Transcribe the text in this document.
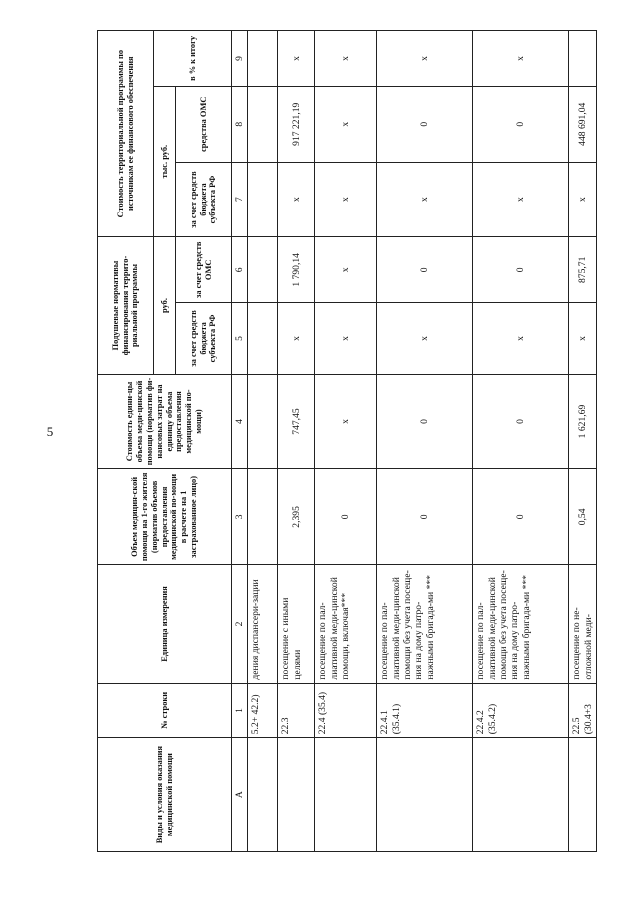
5
Виды и условия оказания медицинской помощи	№ строки	Единица измерения	Объем медицин-ской помощи на 1-го жителя (норматив объемов предоставления медицинской по-мощи в расчете на 1 застрахованное лицо)	Стоимость едини-цы объема меди-цинской помощи (норматив фи-нансовых затрат на единицу объема предоставления медицинской по-мощи)	Подушевые нормативы финансирования террито-риальной программы		Стоимость территориальной программы по источникам ее финансового обеспечения		
					руб.		тыс. руб.		в % к итогу
					за счет средств бюджета субъекта РФ	за счет средств ОМС	за счет средств бюджета субъекта РФ	средства ОМС	
А	1	2	3	4	5	6	7	8	9
	5.2+ 42.2)	дения диспансери-зации							
	22.3	посещение с иными целями	2,395	747,45	х	1 790,14	х	917 221,19	х
	22.4 (35.4)	посещение по пал-лиативной меди-цинской помощи, включая***	0	х	х	х	х	х	х
	22.4.1 (35.4.1)	посещение по пал-лиативной меди-цинской помощи без учета посеще-ния на дому патро-нажными бригада-ми ***	0	0	х	0	х	0	х
	22.4.2 (35.4.2)	посещение по пал-лиативной меди-цинской помощи без учета посеще-ния на дому патро-нажными бригада-ми ***	0	0	х	0	х	0	х
	22.5 (30.4+3	посещение по не-отложной меди-	0,54	1 621,69	х	875,71	х	448 691,04	
